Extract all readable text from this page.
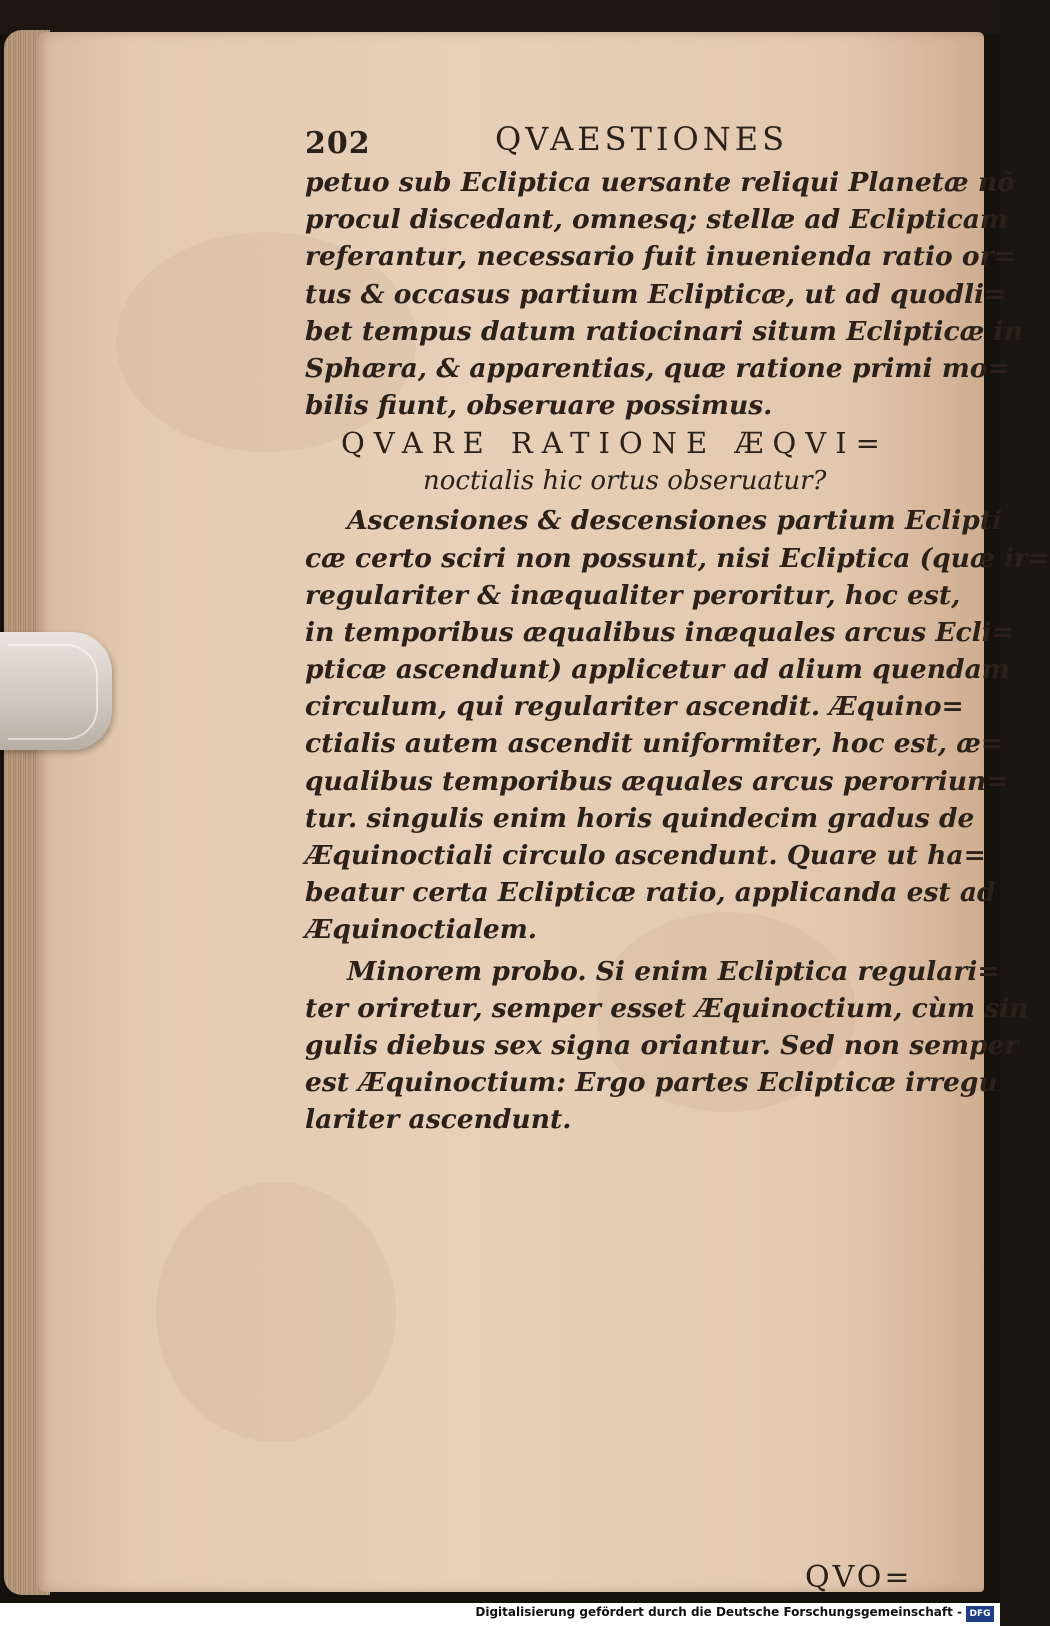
202	QVAESTIONES
petuo sub Ecliptica uersante reliqui Planetæ nõ
procul discedant, omnesq; stellæ ad Eclipticam
referantur, necessario fuit inuenienda ratio or=
tus & occasus partium Eclipticæ, ut ad quodli=
bet tempus datum ratiocinari situm Eclipticæ in
Sphæra, & apparentias, quæ ratione primi mo=
bilis fiunt, obseruare possimus.
QVARE RATIONE ÆQVI=
noctialis hic ortus obseruatur?
Ascensiones & descensiones partium Eclipti
cæ certo sciri non possunt, nisi Ecliptica (quæ ir=
regulariter & inæqualiter peroritur, hoc est,
in temporibus æqualibus inæquales arcus Ecli=
pticæ ascendunt) applicetur ad alium quendam
circulum, qui regulariter ascendit. Æquino=
ctialis autem ascendit uniformiter, hoc est, æ=
qualibus temporibus æquales arcus perorriun=
tur. singulis enim horis quindecim gradus de
Æquinoctiali circulo ascendunt. Quare ut ha=
beatur certa Eclipticæ ratio, applicanda est ad
Æquinoctialem.
Minorem probo. Si enim Ecliptica regulari=
ter oriretur, semper esset Æquinoctium, cùm sin
gulis diebus sex signa oriantur. Sed non semper
est Æquinoctium: Ergo partes Eclipticæ irregu
lariter ascendunt.
QVO=
Digitalisierung gefördert durch die Deutsche Forschungsgemeinschaft - DFG
